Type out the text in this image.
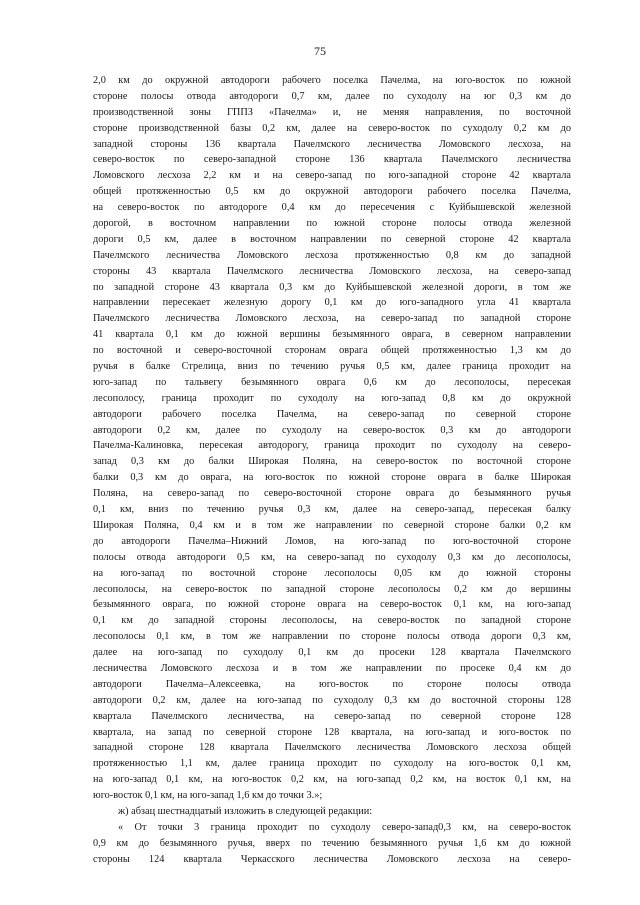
75
2,0 км до окружной автодороги рабочего поселка Пачелма, на юго-восток по южной
стороне полосы отвода автодороги 0,7 км, далее по суходолу на юг 0,3 км до
производственной зоны ГППЗ «Пачелма» и, не меняя направления, по восточной
стороне производственной базы 0,2 км, далее на северо-восток по суходолу 0,2 км до
западной стороны 136 квартала Пачелмского лесничества Ломовского лесхоза, на
северо-восток по северо-западной стороне 136 квартала Пачелмского лесничества
Ломовского лесхоза 2,2 км и на северо-запад по юго-западной стороне 42 квартала
общей протяженностью 0,5 км до окружной автодороги рабочего поселка Пачелма,
на северо-восток по автодороге 0,4 км до пересечения с Куйбышевской железной
дорогой, в восточном направлении по южной стороне полосы отвода железной
дороги 0,5 км, далее в восточном направлении по северной стороне 42 квартала
Пачелмского лесничества Ломовского лесхоза протяженностью 0,8 км до западной
стороны 43 квартала Пачелмского лесничества Ломовского лесхоза, на северо-запад
по западной стороне 43 квартала 0,3 км до Куйбышевской железной дороги, в том же
направлении пересекает железную дорогу 0,1 км до юго-западного угла 41 квартала
Пачелмского лесничества Ломовского лесхоза, на северо-запад по западной стороне
41 квартала 0,1 км до южной вершины безымянного оврага, в северном направлении
по восточной и северо-восточной сторонам оврага общей протяженностью 1,3 км до
ручья в балке Стрелица, вниз по течению ручья 0,5 км, далее граница проходит на
юго-запад по тальвегу безымянного оврага 0,6 км до лесополосы, пересекая
лесополосу, граница проходит по суходолу на юго-запад 0,8 км до окружной
автодороги рабочего поселка Пачелма, на северо-запад по северной стороне
автодороги 0,2 км, далее по суходолу на северо-восток 0,3 км до автодороги
Пачелма-Калиновка, пересекая автодорогу, граница проходит по суходолу на северо-
запад 0,3 км до балки Широкая Поляна, на северо-восток по восточной стороне
балки 0,3 км до оврага, на юго-восток по южной стороне оврага в балке Широкая
Поляна, на северо-запад по северо-восточной стороне оврага до безымянного ручья
0,1 км, вниз по течению ручья 0,3 км, далее на северо-запад, пересекая балку
Широкая Поляна, 0,4 км и в том же направлении по северной стороне балки 0,2 км
до автодороги Пачелма–Нижний Ломов, на юго-запад по юго-восточной стороне
полосы отвода автодороги 0,5 км, на северо-запад по суходолу 0,3 км до лесополосы,
на юго-запад по восточной стороне лесополосы 0,05 км до южной стороны
лесополосы, на северо-восток по западной стороне лесополосы 0,2 км до вершины
безымянного оврага, по южной стороне оврага на северо-восток 0,1 км, на юго-запад
0,1 км до западной стороны лесополосы, на северо-восток по западной стороне
лесополосы 0,1 км, в том же направлении по стороне полосы отвода дороги 0,3 км,
далее на юго-запад по суходолу 0,1 км до просеки 128 квартала Пачелмского
лесничества Ломовского лесхоза и в том же направлении по просеке 0,4 км до
автодороги Пачелма–Алексеевка, на юго-восток по стороне полосы отвода
автодороги 0,2 км, далее на юго-запад по суходолу 0,3 км до восточной стороны 128
квартала Пачелмского лесничества, на северо-запад по северной стороне 128
квартала, на запад по северной стороне 128 квартала, на юго-запад и юго-восток по
западной стороне 128 квартала Пачелмского лесничества Ломовского лесхоза общей
протяженностью 1,1 км, далее граница проходит по суходолу на юго-восток 0,1 км,
на юго-запад 0,1 км, на юго-восток 0,2 км, на юго-запад 0,2 км, на восток 0,1 км, на
юго-восток 0,1 км, на юго-запад 1,6 км до точки 3.»;
ж) абзац шестнадцатый изложить в следующей редакции:
« От точки 3 граница проходит по суходолу северо-запад0,3 км, на северо-восток
0,9 км до безымянного ручья, вверх по течению безымянного ручья 1,6 км до южной
стороны 124 квартала Черкасского лесничества Ломовского лесхоза на северо-
